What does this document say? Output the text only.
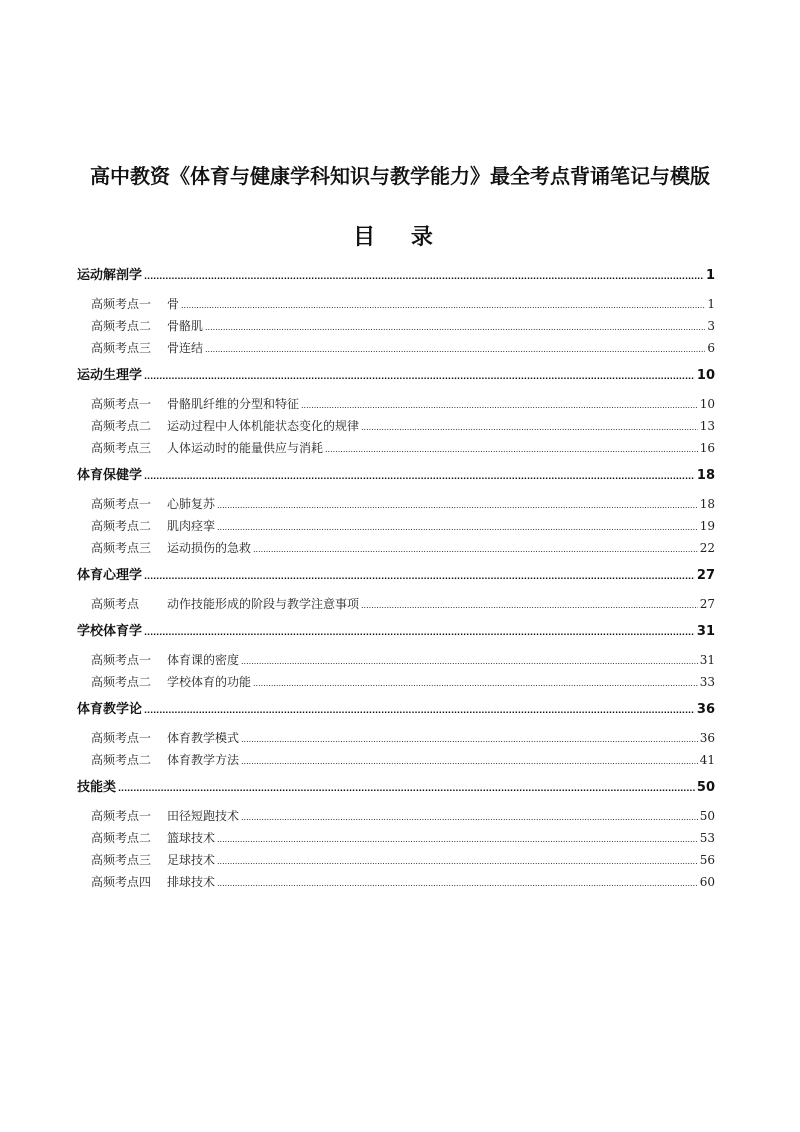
高中教资《体育与健康学科知识与教学能力》最全考点背诵笔记与模版
目 录
运动解剖学 .....	1
高频考点一	骨 .....	1
高频考点二	骨骼肌 .....	3
高频考点三	骨连结 .....	6
运动生理学 .....	10
高频考点一	骨骼肌纤维的分型和特征 .....	10
高频考点二	运动过程中人体机能状态变化的规律 .....	13
高频考点三	人体运动时的能量供应与消耗 .....	16
体育保健学 .....	18
高频考点一	心肺复苏 .....	18
高频考点二	肌肉痉挛 .....	19
高频考点三	运动损伤的急救 .....	22
体育心理学 .....	27
高频考点	动作技能形成的阶段与教学注意事项 .....	27
学校体育学 .....	31
高频考点一	体育课的密度 .....	31
高频考点二	学校体育的功能 .....	33
体育教学论 .....	36
高频考点一	体育教学模式 .....	36
高频考点二	体育教学方法 .....	41
技能类 .....	50
高频考点一	田径短跑技术 .....	50
高频考点二	篮球技术 .....	53
高频考点三	足球技术 .....	56
高频考点四	排球技术 .....	60
